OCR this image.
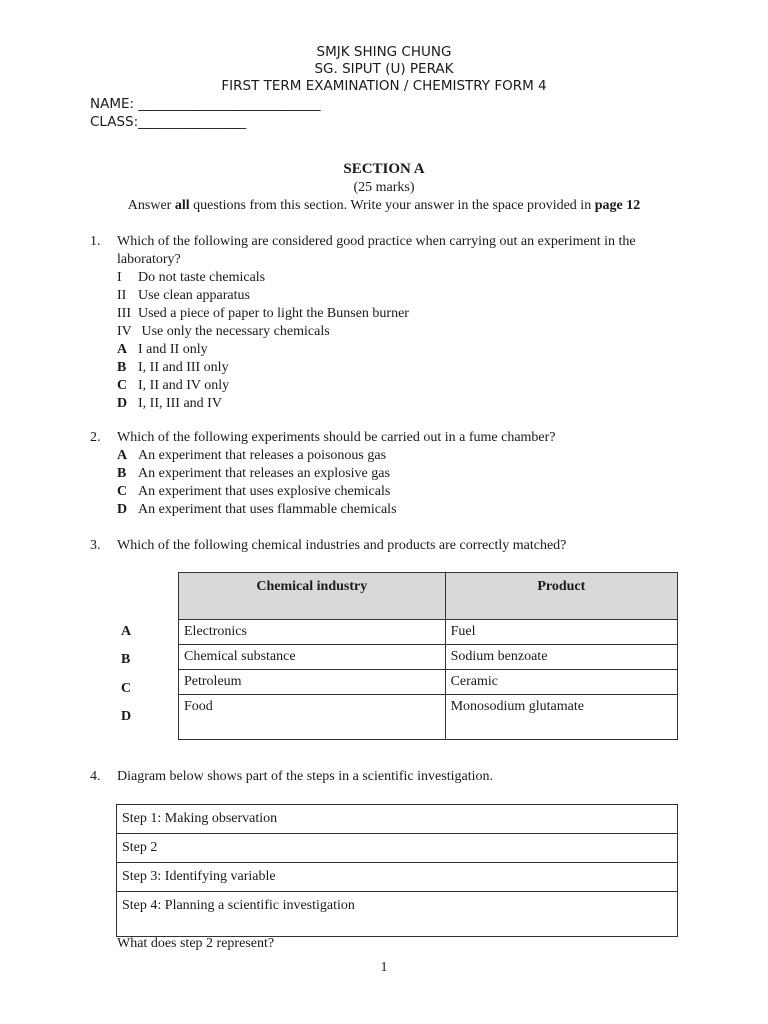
SMJK SHING CHUNG
SG. SIPUT (U) PERAK
FIRST TERM EXAMINATION / CHEMISTRY FORM 4
NAME: ___________________________
CLASS:________________
SECTION A
(25 marks)
Answer all questions from this section. Write your answer in the space provided in page 12
1. Which of the following are considered good practice when carrying out an experiment in the laboratory?
I	Do not taste chemicals
II Use clean apparatus
III Used a piece of paper to light the Bunsen burner
IV
Use only the necessary chemicals
A I and II only
B I, II and III only
C I, II and IV only
D I, II, III and IV
2. Which of the following experiments should be carried out in a fume chamber?
A An experiment that releases a poisonous gas
B An experiment that releases an explosive gas
C An experiment that uses explosive chemicals
D An experiment that uses flammable chemicals
3. Which of the following chemical industries and products are correctly matched?
A
B
C
D
Chemical industry	Product
Electronics	Fuel
Chemical substance	Sodium benzoate
Petroleum	Ceramic
Food	Monosodium glutamate
4. Diagram below shows part of the steps in a scientific investigation.
Step 1: Making observation
Step 2
Step 3: Identifying variable
Step 4: Planning a scientific investigation
What does step 2 represent?
1
